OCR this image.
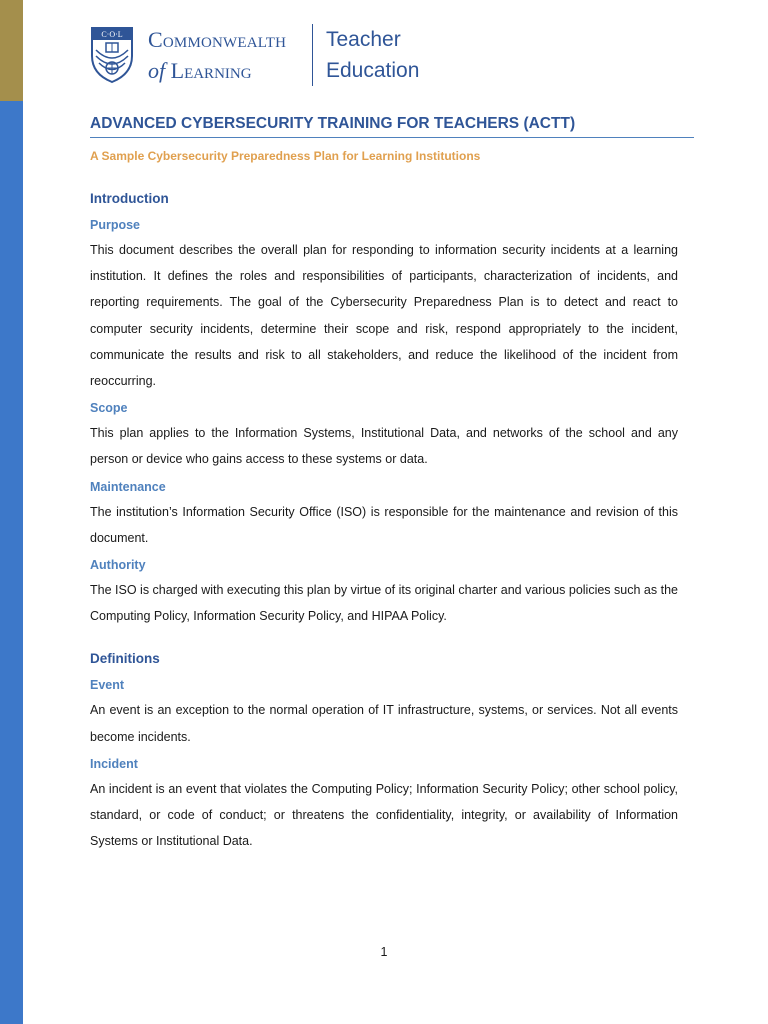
C·O·L Commonwealth
of Learning
Teacher
Education
ADVANCED CYBERSECURITY TRAINING FOR TEACHERS (ACTT)
A Sample Cybersecurity Preparedness Plan for Learning Institutions
Introduction
Purpose

This document describes the overall plan for responding to information security incidents at a learning institution. It defines the roles and responsibilities of participants, characterization of incidents, and reporting requirements. The goal of the Cybersecurity Preparedness Plan is to detect and react to computer security incidents, determine their scope and risk, respond appropriately to the incident, communicate the results and risk to all stakeholders, and reduce the likelihood of the incident from reoccurring.

Scope

This plan applies to the Information Systems, Institutional Data, and networks of the school and any person or device who gains access to these systems or data.

Maintenance

The institution’s Information Security Office (ISO) is responsible for the maintenance and revision of this document.

Authority

The ISO is charged with executing this plan by virtue of its original charter and various policies such as the Computing Policy, Information Security Policy, and HIPAA Policy.

Definitions
Event

An event is an exception to the normal operation of IT infrastructure, systems, or services. Not all events become incidents.

Incident

An incident is an event that violates the Computing Policy; Information Security Policy; other school policy, standard, or code of conduct; or threatens the confidentiality, integrity, or availability of Information Systems or Institutional Data.

1
